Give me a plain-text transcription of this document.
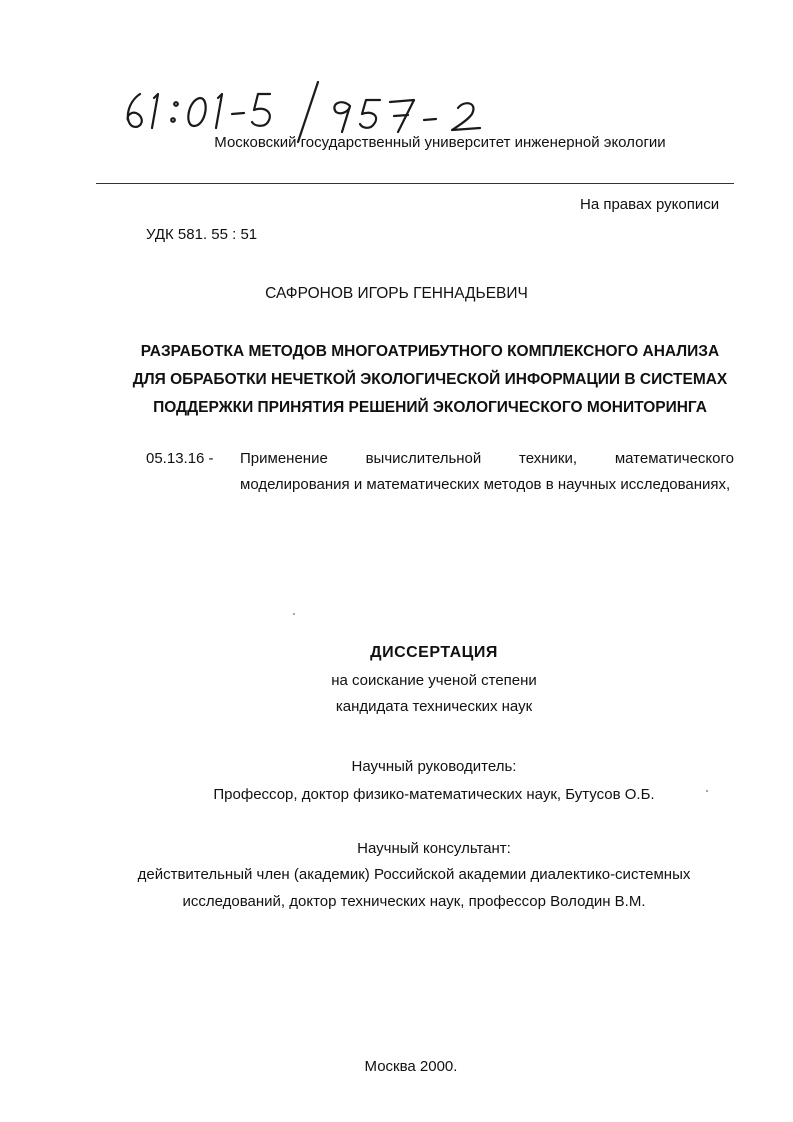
Московский государственный университет инженерной экологии
На правах рукописи
УДК 581. 55 : 51
САФРОНОВ ИГОРЬ ГЕННАДЬЕВИЧ
РАЗРАБОТКА МЕТОДОВ МНОГОАТРИБУТНОГО КОМПЛЕКСНОГО АНАЛИЗА
ДЛЯ ОБРАБОТКИ НЕЧЕТКОЙ ЭКОЛОГИЧЕСКОЙ ИНФОРМАЦИИ В СИСТЕМАХ
ПОДДЕРЖКИ ПРИНЯТИЯ РЕШЕНИЙ ЭКОЛОГИЧЕСКОГО МОНИТОРИНГА
05.13.16 - Применение вычислительной техники, математического моделирования и математических методов в научных исследованиях,
ДИССЕРТАЦИЯ
на соискание ученой степени
кандидата технических наук
Научный руководитель:
Профессор, доктор физико-математических наук, Бутусов О.Б.
Научный консультант:
действительный член (академик) Российской академии диалектико-системных
исследований, доктор технических наук, профессор Володин В.М.
Москва 2000.
